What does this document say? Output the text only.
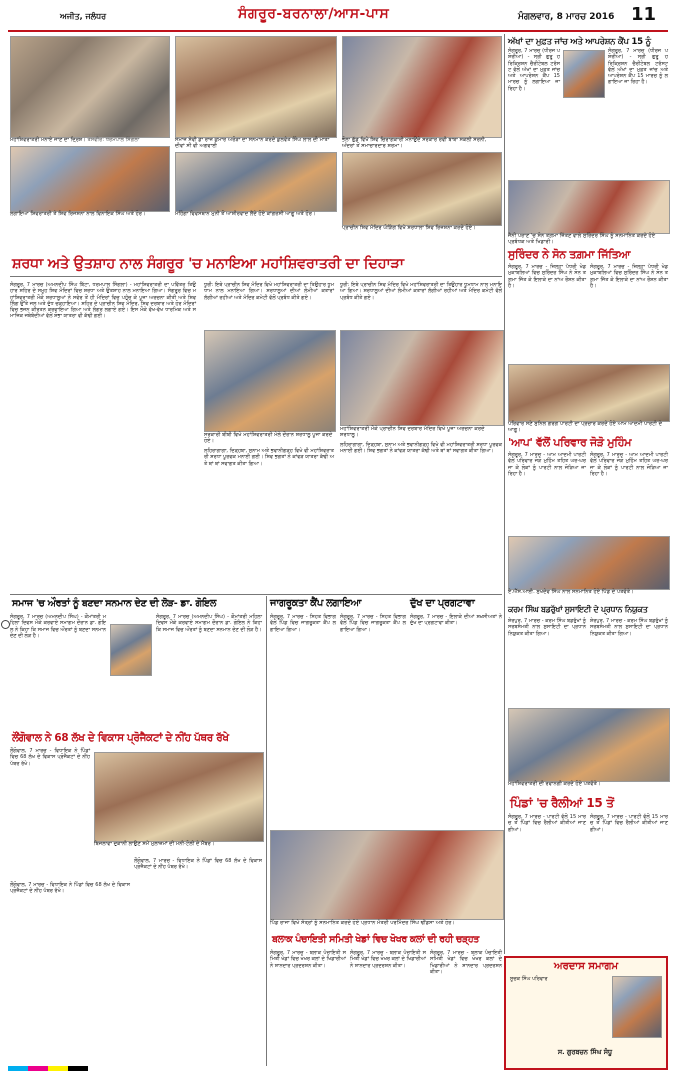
ਅਜੀਤ, ਜਲੰਧਰ	ਸੰਗਰੂਰ-ਬਰਨਾਲਾ/ਆਸ-ਪਾਸ	ਮੰਗਲਵਾਰ, 8 ਮਾਰਚ 2016 11
ਮਹਾਂਸ਼ਿਵਰਾਤਰੀ ਮਨਾਏ ਜਾਣ ਦਾ ਦ੍ਰਿਸ਼। ਤਸਵੀਰ: ਧਰਮਪਾਲ ਸਿੰਗਲਾ	ਸਮਾਜ ਸੇਵੀ ਡਾ ਰਾਜ ਕੁਮਾਰ ਅਰੋੜਾ ਦਾ ਸਨਮਾਨ ਕਰਦੇ ਕੁਲਵੰਤ ਸਿੰਘ ਲਾਲ ਦੀ ਮਾਤਾ ਦੀਵਾਂ ਸੀ ਵੀ ਅਗਵਾਈ
ਭੋਲਾ ਗੁੱਡ ਵਿਖੇ ਸ਼ਿਵ ਚਿਰਾਗਕਾਰੀ ਮਨਾਉਂਦੇ ਸਰਕਾਰ ਰਵੀ ਬਾਬਾ ਸਕਲੀ ਸਰਨੀ, ਅੰਦਰਾਂ ਤੋਂ ਸਮਾਚਾਰਦਾਰ ਸ਼ਰਮਾ।
ਲਗਾਇਆ ਸ਼ਿਵਰਾਤਰੀ ਤੇ ਸ਼ਿਵ ਰਿਜਸ਼ਨਾ ਨਾਲ ਵਿਨਾਇਕ ਸਿੰਘ ਅਤੇ ਹੋਰ।	ਮਹਿੰਗਾ ਵਿਵਸਥਾਨ ਮੁਨੀ ਤੋਂ ਆਸ਼ੀਰਵਾਦ ਲੈਂਦੇ ਹੋਏ ਕਾਂਗਰਸੀ ਆਗੂ ਅਤੇ ਹੋਰ।
ਪ੍ਰਾਚੀਨ ਸ਼ਿਵ ਮੰਦਿਰ ਘੋੜਿੰਗ ਵਿਖੇ ਸ਼ਰਧਾਲਾ ਸ਼ਿਵ ਰਿਜਸ਼ਨਾ ਕਰਦੇ ਹੋਏ।
ਅੱਖਾਂ ਦਾ ਮੁਫ਼ਤ ਜਾਂਚ ਅਤੇ ਆਪਰੇਸ਼ਨ ਕੈਂਪ 15 ਨੂੰ
ਸੰਗਰੂਰ, 7 ਮਾਰਚ (ਧੀਰਜ ਪਸ਼ੋਰੀਆ) - ਸ੍ਰੀ ਗੁਰੂ ਹਰਿਕ੍ਰਿਸ਼ਨ ਚੈਰੀਟੇਬਲ ਟਰੱਸਟ ਵੱਲੋਂ ਅੱਖਾਂ ਦਾ ਮੁਫ਼ਤ ਜਾਂਚ ਅਤੇ ਆਪਰੇਸ਼ਨ ਕੈਂਪ 15 ਮਾਰਚ ਨੂੰ ਲਗਾਇਆ ਜਾ ਰਿਹਾ ਹੈ।
ਸੰਗਰੂਰ, 7 ਮਾਰਚ (ਧੀਰਜ ਪਸ਼ੋਰੀਆ) - ਸ੍ਰੀ ਗੁਰੂ ਹਰਿਕ੍ਰਿਸ਼ਨ ਚੈਰੀਟੇਬਲ ਟਰੱਸਟ ਵੱਲੋਂ ਅੱਖਾਂ ਦਾ ਮੁਫ਼ਤ ਜਾਂਚ ਅਤੇ ਆਪਰੇਸ਼ਨ ਕੈਂਪ 15 ਮਾਰਚ ਨੂੰ ਲਗਾਇਆ ਜਾ ਰਿਹਾ ਹੈ।
ਜੈਨੀ ਪਰਾਣ 'ਚ ਸੋਨ ਤਗ਼ਮਾ ਜਿੱਤਣ ਵਾਲੇ ਸੁਰਿੰਦਰ ਸਿੰਘ ਨੂੰ ਸਨਮਾਨਿਤ ਕਰਦੇ ਹੋਏ ਪ੍ਰਬੰਧਕ ਅਤੇ ਖਿਡਾਰੀ।
ਸੁਰਿੰਦਰ ਨੇ ਸੋਨ ਤਗ਼ਮਾ ਜਿੱਤਿਆ
ਸੰਗਰੂਰ, 7 ਮਾਰਚ - ਜ਼ਿਲ੍ਹਾ ਪੱਧਰੀ ਖੇਡ ਮੁਕਾਬਲਿਆਂ ਵਿਚ ਸੁਰਿੰਦਰ ਸਿੰਘ ਨੇ ਸੋਨ ਤਗ਼ਮਾ ਜਿੱਤ ਕੇ ਇਲਾਕੇ ਦਾ ਨਾਂਅ ਰੌਸ਼ਨ ਕੀਤਾ ਹੈ।
ਸੰਗਰੂਰ, 7 ਮਾਰਚ - ਜ਼ਿਲ੍ਹਾ ਪੱਧਰੀ ਖੇਡ ਮੁਕਾਬਲਿਆਂ ਵਿਚ ਸੁਰਿੰਦਰ ਸਿੰਘ ਨੇ ਸੋਨ ਤਗ਼ਮਾ ਜਿੱਤ ਕੇ ਇਲਾਕੇ ਦਾ ਨਾਂਅ ਰੌਸ਼ਨ ਕੀਤਾ ਹੈ।
ਸ਼ਰਧਾ ਅਤੇ ਉਤਸ਼ਾਹ ਨਾਲ ਸੰਗਰੂਰ 'ਚ ਮਨਾਇਆ ਮਹਾਂਸ਼ਿਵਰਾਤਰੀ ਦਾ ਦਿਹਾੜਾ
ਸੰਗਰੂਰ, 7 ਮਾਰਚ (ਅਮਨਦੀਪ ਸਿੰਘ ਬਿੱਟਾ, ਧਰਮਪਾਲ ਸਿੰਗਲਾ) - ਮਹਾਂਸ਼ਿਵਰਾਤਰੀ ਦਾ ਪਵਿੱਤਰ ਤਿਉਹਾਰ ਸ਼ਹਿਰ ਦੇ ਸਮੂਹ ਸ਼ਿਵ ਮੰਦਿਰਾਂ ਵਿਚ ਸ਼ਰਧਾ ਅਤੇ ਉਤਸ਼ਾਹ ਨਾਲ ਮਨਾਇਆ ਗਿਆ। ਸੰਗਰੂਰ ਵਿਚ ਮਹਾਂਸ਼ਿਵਰਾਤਰੀ ਮੌਕੇ ਸ਼ਰਧਾਲੂਆਂ ਨੇ ਸਵੇਰ ਤੋਂ ਹੀ ਮੰਦਿਰਾਂ ਵਿਚ ਪਹੁੰਚ ਕੇ ਪੂਜਾ ਅਰਚਨਾ ਕੀਤੀ ਅਤੇ ਸ਼ਿਵਲਿੰਗ ਉੱਤੇ ਜਲ ਅਤੇ ਦੁੱਧ ਚੜ੍ਹਾਇਆ। ਸ਼ਹਿਰ ਦੇ ਪ੍ਰਾਚੀਨ ਸ਼ਿਵ ਮੰਦਿਰ, ਸ਼ਿਵ ਦਰਬਾਰ ਅਤੇ ਹੋਰ ਮੰਦਿਰਾਂ ਵਿਚ ਭਜਨ ਕੀਰਤਨ ਕਰਵਾਇਆ ਗਿਆ ਅਤੇ ਲੰਗਰ ਲਗਾਏ ਗਏ। ਇਸ ਮੌਕੇ ਵੱਖ-ਵੱਖ ਧਾਰਮਿਕ ਅਤੇ ਸਮਾਜਿਕ ਜਥੇਬੰਦੀਆਂ ਵੱਲੋਂ ਸ਼ੋਭਾ ਯਾਤਰਾ ਵੀ ਕੱਢੀ ਗਈ।
ਧੂਰੀ: ਇਥੇ ਪ੍ਰਾਚੀਨ ਸ਼ਿਵ ਮੰਦਿਰ ਵਿਖੇ ਮਹਾਂਸ਼ਿਵਰਾਤਰੀ ਦਾ ਤਿਉਹਾਰ ਧੂਮਧਾਮ ਨਾਲ ਮਨਾਇਆ ਗਿਆ। ਸ਼ਰਧਾਲੂਆਂ ਦੀਆਂ ਲੰਮੀਆਂ ਕਤਾਰਾਂ ਲੱਗੀਆਂ ਰਹੀਆਂ ਅਤੇ ਮੰਦਿਰ ਕਮੇਟੀ ਵੱਲੋਂ ਪ੍ਰਬੰਧ ਕੀਤੇ ਗਏ।
ਸਰਕਾਰੀ ਬੀਬੀ ਵਿਖੇ ਮਹਾਂਸ਼ਿਵਰਾਤਰੀ ਮੇਲੇ ਦੌਰਾਨ ਸ਼ਰਧਾਲੂ ਪੂਜਾ ਕਰਦੇ ਹੋਏ।
ਲਹਿਰਾਗਾਗਾ, ਦਿੜ੍ਹਬਾ, ਸੁਨਾਮ ਅਤੇ ਭਵਾਨੀਗੜ੍ਹ ਵਿਖੇ ਵੀ ਮਹਾਂਸ਼ਿਵਰਾਤਰੀ ਸ਼ਰਧਾ ਪੂਰਵਕ ਮਨਾਈ ਗਈ। ਸ਼ਿਵ ਭਗਤਾਂ ਨੇ ਕਾਂਵੜ ਯਾਤਰਾ ਕੱਢੀ ਅਤੇ ਥਾਂ ਥਾਂ ਸਵਾਗਤ ਕੀਤਾ ਗਿਆ।
ਧੂਰੀ: ਇਥੇ ਪ੍ਰਾਚੀਨ ਸ਼ਿਵ ਮੰਦਿਰ ਵਿਖੇ ਮਹਾਂਸ਼ਿਵਰਾਤਰੀ ਦਾ ਤਿਉਹਾਰ ਧੂਮਧਾਮ ਨਾਲ ਮਨਾਇਆ ਗਿਆ। ਸ਼ਰਧਾਲੂਆਂ ਦੀਆਂ ਲੰਮੀਆਂ ਕਤਾਰਾਂ ਲੱਗੀਆਂ ਰਹੀਆਂ ਅਤੇ ਮੰਦਿਰ ਕਮੇਟੀ ਵੱਲੋਂ ਪ੍ਰਬੰਧ ਕੀਤੇ ਗਏ।
ਮਹਾਂਸ਼ਿਵਰਾਤਰੀ ਮੌਕੇ ਪ੍ਰਾਚੀਨ ਸ਼ਿਵ ਦਰਬਾਰ ਮੰਦਿਰ ਵਿਖੇ ਪੂਜਾ ਅਰਚਨਾ ਕਰਦੇ ਸ਼ਰਧਾਲੂ।
ਲਹਿਰਾਗਾਗਾ, ਦਿੜ੍ਹਬਾ, ਸੁਨਾਮ ਅਤੇ ਭਵਾਨੀਗੜ੍ਹ ਵਿਖੇ ਵੀ ਮਹਾਂਸ਼ਿਵਰਾਤਰੀ ਸ਼ਰਧਾ ਪੂਰਵਕ ਮਨਾਈ ਗਈ। ਸ਼ਿਵ ਭਗਤਾਂ ਨੇ ਕਾਂਵੜ ਯਾਤਰਾ ਕੱਢੀ ਅਤੇ ਥਾਂ ਥਾਂ ਸਵਾਗਤ ਕੀਤਾ ਗਿਆ।
ਪਰਿਵਾਰ ਸਣੇ ਸੁਨਿਲ ਗਰਗ ਪਾਰਟੀ ਦਾ ਪ੍ਰਚਾਰ ਕਰਦੇ ਹੋਏ ਆਮ ਆਦਮੀ ਪਾਰਟੀ ਦੇ ਆਗੂ।
'ਆਪ' ਵੱਲੋਂ ਪਰਿਵਾਰ ਜੋੜੋ ਮੁਹਿੰਮ
ਸੰਗਰੂਰ, 7 ਮਾਰਚ - ਆਮ ਆਦਮੀ ਪਾਰਟੀ ਵੱਲੋਂ ਪਰਿਵਾਰ ਜੋੜੋ ਮੁਹਿੰਮ ਤਹਿਤ ਘਰ-ਘਰ ਜਾ ਕੇ ਲੋਕਾਂ ਨੂੰ ਪਾਰਟੀ ਨਾਲ ਜੋੜਿਆ ਜਾ ਰਿਹਾ ਹੈ।
ਸੰਗਰੂਰ, 7 ਮਾਰਚ - ਆਮ ਆਦਮੀ ਪਾਰਟੀ ਵੱਲੋਂ ਪਰਿਵਾਰ ਜੋੜੋ ਮੁਹਿੰਮ ਤਹਿਤ ਘਰ-ਘਰ ਜਾ ਕੇ ਲੋਕਾਂ ਨੂੰ ਪਾਰਟੀ ਨਾਲ ਜੋੜਿਆ ਜਾ ਰਿਹਾ ਹੈ।
ਏ.ਐੱਸ.ਆਈ. ਸੁਖਦੇਵ ਸਿੰਘ ਨਾਲ ਸਨਮਾਨਿਤ ਹੋਏ ਪਿੰਡ ਦੇ ਪਤਵੰਤੇ।
ਕਰਮ ਸਿੰਘ ਬਡਰੁੱਖਾਂ ਸੁਸਾਇਟੀ ਦੇ ਪ੍ਰਧਾਨ ਨਿਯੁਕਤ
ਸ਼ੇਰਪੁਰ, 7 ਮਾਰਚ - ਕਰਮ ਸਿੰਘ ਬਡਰੁੱਖਾਂ ਨੂੰ ਸਰਬਸੰਮਤੀ ਨਾਲ ਸੁਸਾਇਟੀ ਦਾ ਪ੍ਰਧਾਨ ਨਿਯੁਕਤ ਕੀਤਾ ਗਿਆ।
ਸ਼ੇਰਪੁਰ, 7 ਮਾਰਚ - ਕਰਮ ਸਿੰਘ ਬਡਰੁੱਖਾਂ ਨੂੰ ਸਰਬਸੰਮਤੀ ਨਾਲ ਸੁਸਾਇਟੀ ਦਾ ਪ੍ਰਧਾਨ ਨਿਯੁਕਤ ਕੀਤਾ ਗਿਆ।
ਸਮਾਜ 'ਚ ਔਰਤਾਂ ਨੂੰ ਬਣਦਾ ਸਨਮਾਨ ਦੇਣ ਦੀ ਲੋੜ- ਡਾ. ਗੋਇਲ	ਜਾਗਰੂਕਤਾ ਕੈਂਪ ਲਗਾਇਆ	ਦੁੱਖ ਦਾ ਪ੍ਰਗਟਾਵਾ
ਸੰਗਰੂਰ, 7 ਮਾਰਚ (ਅਮਨਦੀਪ ਸਿੰਘ) - ਕੌਮਾਂਤਰੀ ਮਹਿਲਾ ਦਿਵਸ ਮੌਕੇ ਕਰਵਾਏ ਸਮਾਗਮ ਦੌਰਾਨ ਡਾ. ਗੋਇਲ ਨੇ ਕਿਹਾ ਕਿ ਸਮਾਜ ਵਿਚ ਔਰਤਾਂ ਨੂੰ ਬਣਦਾ ਸਨਮਾਨ ਦੇਣ ਦੀ ਲੋੜ ਹੈ।
ਸੰਗਰੂਰ, 7 ਮਾਰਚ (ਅਮਨਦੀਪ ਸਿੰਘ) - ਕੌਮਾਂਤਰੀ ਮਹਿਲਾ ਦਿਵਸ ਮੌਕੇ ਕਰਵਾਏ ਸਮਾਗਮ ਦੌਰਾਨ ਡਾ. ਗੋਇਲ ਨੇ ਕਿਹਾ ਕਿ ਸਮਾਜ ਵਿਚ ਔਰਤਾਂ ਨੂੰ ਬਣਦਾ ਸਨਮਾਨ ਦੇਣ ਦੀ ਲੋੜ ਹੈ।
ਸੰਗਰੂਰ, 7 ਮਾਰਚ - ਸਿਹਤ ਵਿਭਾਗ ਵੱਲੋਂ ਪਿੰਡ ਵਿਚ ਜਾਗਰੂਕਤਾ ਕੈਂਪ ਲਗਾਇਆ ਗਿਆ।
ਸੰਗਰੂਰ, 7 ਮਾਰਚ - ਸਿਹਤ ਵਿਭਾਗ ਵੱਲੋਂ ਪਿੰਡ ਵਿਚ ਜਾਗਰੂਕਤਾ ਕੈਂਪ ਲਗਾਇਆ ਗਿਆ।
ਸੰਗਰੂਰ, 7 ਮਾਰਚ - ਇਲਾਕੇ ਦੀਆਂ ਸ਼ਖ਼ਸੀਅਤਾਂ ਨੇ ਦੁੱਖ ਦਾ ਪ੍ਰਗਟਾਵਾ ਕੀਤਾ।
ਲੌਂਗੋਵਾਲ ਨੇ 68 ਲੱਖ ਦੇ ਵਿਕਾਸ ਪ੍ਰੋਜੈਕਟਾਂ ਦੇ ਨੀਂਹ ਪੱਥਰ ਰੱਖੇ
ਲੌਂਗੋਵਾਲ, 7 ਮਾਰਚ - ਵਿਧਾਇਕ ਨੇ ਪਿੰਡਾਂ ਵਿਚ 68 ਲੱਖ ਦੇ ਵਿਕਾਸ ਪ੍ਰੋਜੈਕਟਾਂ ਦੇ ਨੀਂਹ ਪੱਥਰ ਰੱਖੇ।
ਬਿਜਲਾਵਾ ਦੁਕਾਨੀ ਲਾਉਣ ਸਮੇਂ ਮੁਲਾਜ਼ਮਾਂ ਦੀ ਮਨੀ-ਟੋਲੀ ਦੇ ਮੈਂਬਰ।
ਲੌਂਗੋਵਾਲ, 7 ਮਾਰਚ - ਵਿਧਾਇਕ ਨੇ ਪਿੰਡਾਂ ਵਿਚ 68 ਲੱਖ ਦੇ ਵਿਕਾਸ ਪ੍ਰੋਜੈਕਟਾਂ ਦੇ ਨੀਂਹ ਪੱਥਰ ਰੱਖੇ।
ਲੌਂਗੋਵਾਲ, 7 ਮਾਰਚ - ਵਿਧਾਇਕ ਨੇ ਪਿੰਡਾਂ ਵਿਚ 68 ਲੱਖ ਦੇ ਵਿਕਾਸ ਪ੍ਰੋਜੈਕਟਾਂ ਦੇ ਨੀਂਹ ਪੱਥਰ ਰੱਖੇ।
ਪਿੰਡ ਰਾਜਾ ਵਿਖੇ ਸੰਤ੍ਰਾਂ ਨੂੰ ਸਨਮਾਨਿਤ ਕਰਦੇ ਹੋਏ ਪ੍ਰਧਾਨ ਮੰਤਰੀ ਪਰਮਿੰਦਰ ਸਿੰਘ ਢੀਂਡਸਾ ਅਤੇ ਹੋਰ।
ਬਲਾਕ ਪੰਚਾਇਤੀ ਸਮਿਤੀ ਖੇਡਾਂ ਵਿਚ ਖੋਖਰ ਕਲਾਂ ਦੀ ਰਹੀ ਚੜ੍ਹਤ
ਸੰਗਰੂਰ, 7 ਮਾਰਚ - ਬਲਾਕ ਪੰਚਾਇਤੀ ਸਮਿਤੀ ਖੇਡਾਂ ਵਿਚ ਖੋਖਰ ਕਲਾਂ ਦੇ ਖਿਡਾਰੀਆਂ ਨੇ ਸ਼ਾਨਦਾਰ ਪ੍ਰਦਰਸ਼ਨ ਕੀਤਾ।
ਸੰਗਰੂਰ, 7 ਮਾਰਚ - ਬਲਾਕ ਪੰਚਾਇਤੀ ਸਮਿਤੀ ਖੇਡਾਂ ਵਿਚ ਖੋਖਰ ਕਲਾਂ ਦੇ ਖਿਡਾਰੀਆਂ ਨੇ ਸ਼ਾਨਦਾਰ ਪ੍ਰਦਰਸ਼ਨ ਕੀਤਾ।
ਸੰਗਰੂਰ, 7 ਮਾਰਚ - ਬਲਾਕ ਪੰਚਾਇਤੀ ਸਮਿਤੀ ਖੇਡਾਂ ਵਿਚ ਖੋਖਰ ਕਲਾਂ ਦੇ ਖਿਡਾਰੀਆਂ ਨੇ ਸ਼ਾਨਦਾਰ ਪ੍ਰਦਰਸ਼ਨ ਕੀਤਾ।
ਮਹਾਂਸ਼ਿਵਰਾਤਰੀ ਦੀ ਰਵਾਨਗੀ ਕਰਦੇ ਹੋਏ ਪਤਵੰਤੇ।
ਪਿੰਡਾਂ 'ਚ ਰੈਲੀਆਂ 15 ਤੋਂ
ਸੰਗਰੂਰ, 7 ਮਾਰਚ - ਪਾਰਟੀ ਵੱਲੋਂ 15 ਮਾਰਚ ਤੋਂ ਪਿੰਡਾਂ ਵਿਚ ਰੈਲੀਆਂ ਕੀਤੀਆਂ ਜਾਣਗੀਆਂ।
ਸੰਗਰੂਰ, 7 ਮਾਰਚ - ਪਾਰਟੀ ਵੱਲੋਂ 15 ਮਾਰਚ ਤੋਂ ਪਿੰਡਾਂ ਵਿਚ ਰੈਲੀਆਂ ਕੀਤੀਆਂ ਜਾਣਗੀਆਂ।
ਅਰਦਾਸ ਸਮਾਗਮ
ਸੂਚਕ ਸਿੰਘ ਪਰਿਵਾਰ
ਸ. ਗੁਰਬਚਨ ਸਿੰਘ ਸੰਧੂ
